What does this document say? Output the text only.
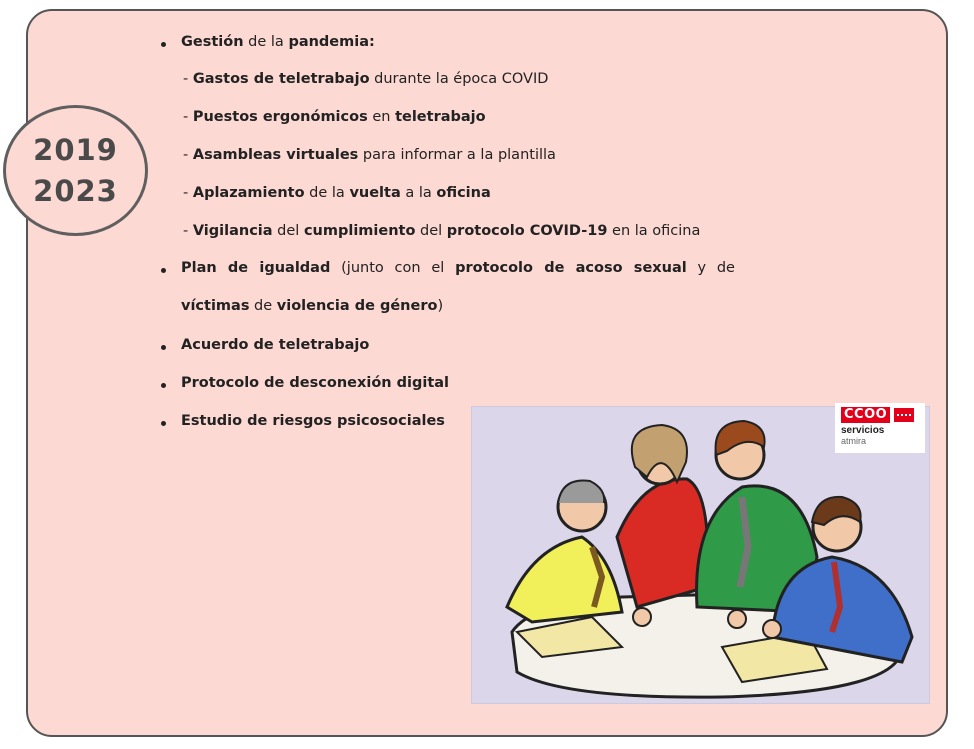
2019
2023
Gestión de la pandemia:
- Gastos de teletrabajo durante la época COVID
- Puestos ergonómicos en teletrabajo
- Asambleas virtuales para informar a la plantilla
- Aplazamiento de la vuelta a la oficina
- Vigilancia del cumplimiento del protocolo COVID-19 en la oficina
Plan de igualdad (junto con el protocolo de acoso sexual y de
víctimas de violencia de género)
Acuerdo de teletrabajo
Protocolo de desconexión digital
Estudio de riesgos psicosociales	CCOO
servicios
atmira
